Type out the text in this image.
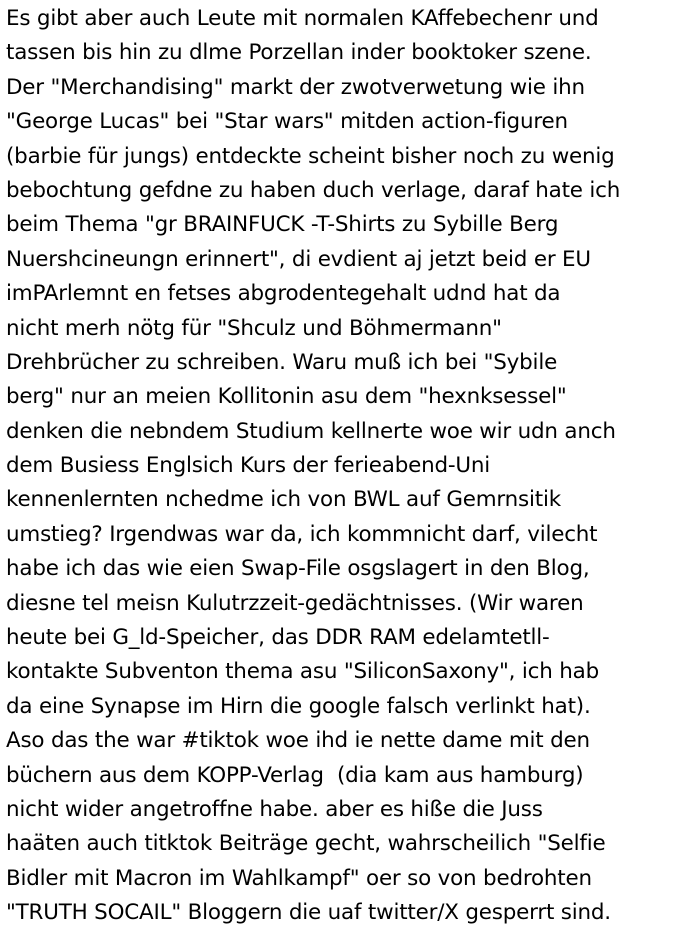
Es gibt aber auch Leute mit normalen KAffebechenr und
tassen bis hin zu dlme Porzellan inder booktoker szene.
Der "Merchandising" markt der zwotverwetung wie ihn
"George Lucas" bei "Star wars" mitden action-figuren
(barbie für jungs) entdeckte scheint bisher noch zu wenig
bebochtung gefdne zu haben duch verlage, daraf hate ich
beim Thema "gr BRAINFUCK -T-Shirts zu Sybille Berg
Nuershcineungn erinnert", di evdient aj jetzt beid er EU
imPArlemnt en fetses abgrodentegehalt udnd hat da
nicht merh nötg für "Shculz und Böhmermann"
Drehbrücher zu schreiben. Waru muß ich bei "Sybile
berg" nur an meien Kollitonin asu dem "hexnksessel"
denken die nebndem Studium kellnerte woe wir udn anch
dem Busiess Englsich Kurs der ferieabend-Uni
kennenlernten nchedme ich von BWL auf Gemrnsitik
umstieg? Irgendwas war da, ich kommnicht darf, vilecht
habe ich das wie eien Swap-File osgslagert in den Blog,
diesne tel meisn Kulutrzzeit-gedächtnisses. (Wir waren
heute bei G_ld-Speicher, das DDR RAM edelamtetll-
kontakte Subventon thema asu "SiliconSaxony", ich hab
da eine Synapse im Hirn die google falsch verlinkt hat).
Aso das the war #tiktok woe ihd ie nette dame mit den
büchern aus dem KOPP-Verlag  (dia kam aus hamburg)
nicht wider angetroffne habe. aber es hiße die Juss
haäten auch titktok Beiträge gecht, wahrscheilich "Selfie
Bidler mit Macron im Wahlkampf" oer so von bedrohten
"TRUTH SOCAIL" Bloggern die uaf twitter/X gesperrt sind.
